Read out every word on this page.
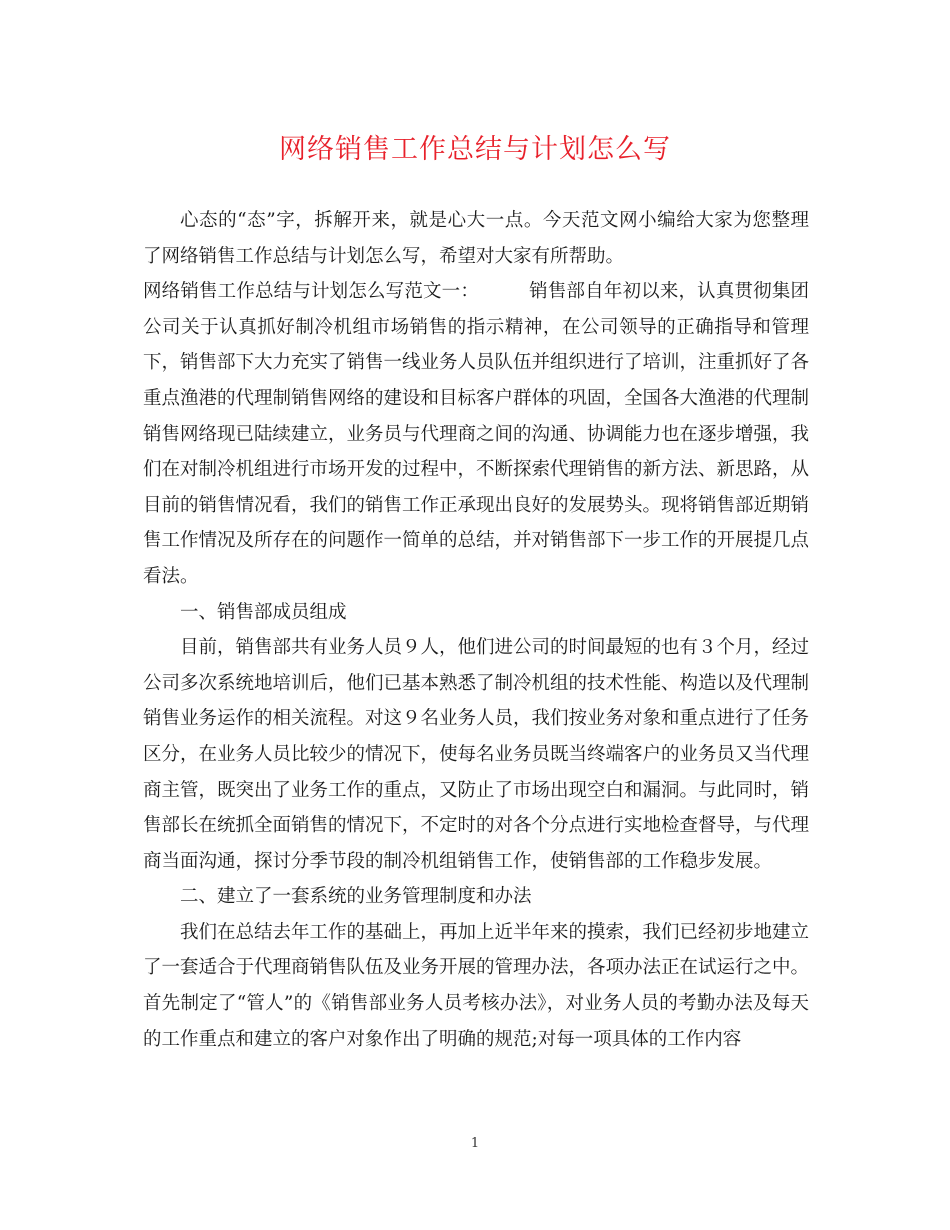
网络销售工作总结与计划怎么写

心态的“态”字，拆解开来，就是心大一点。今天范文网小编给大家为您整理了网络销售工作总结与计划怎么写，希望对大家有所帮助。

网络销售工作总结与计划怎么写范文一：	销售部自年初以来，认真贯彻集团公司关于认真抓好制冷机组市场销售的指示精神，在公司领导的正确指导和管理下，销售部下大力充实了销售一线业务人员队伍并组织进行了培训，注重抓好了各重点渔港的代理制销售网络的建设和目标客户群体的巩固，全国各大渔港的代理制销售网络现已陆续建立，业务员与代理商之间的沟通、协调能力也在逐步增强，我们在对制冷机组进行市场开发的过程中，不断探索代理销售的新方法、新思路，从目前的销售情况看，我们的销售工作正承现出良好的发展势头。现将销售部近期销售工作情况及所存在的问题作一简单的总结，并对销售部下一步工作的开展提几点看法。

一、销售部成员组成

目前，销售部共有业务人员９人，他们进公司的时间最短的也有３个月，经过公司多次系统地培训后，他们已基本熟悉了制冷机组的技术性能、构造以及代理制销售业务运作的相关流程。对这９名业务人员，我们按业务对象和重点进行了任务区分，在业务人员比较少的情况下，使每名业务员既当终端客户的业务员又当代理商主管，既突出了业务工作的重点，又防止了市场出现空白和漏洞。与此同时，销售部长在统抓全面销售的情况下，不定时的对各个分点进行实地检查督导，与代理商当面沟通，探讨分季节段的制冷机组销售工作，使销售部的工作稳步发展。

二、建立了一套系统的业务管理制度和办法

我们在总结去年工作的基础上，再加上近半年来的摸索，我们已经初步地建立了一套适合于代理商销售队伍及业务开展的管理办法，各项办法正在试运行之中。首先制定了“管人”的《销售部业务人员考核办法》，对业务人员的考勤办法及每天的工作重点和建立的客户对象作出了明确的规范;对每一项具体的工作内容

1
